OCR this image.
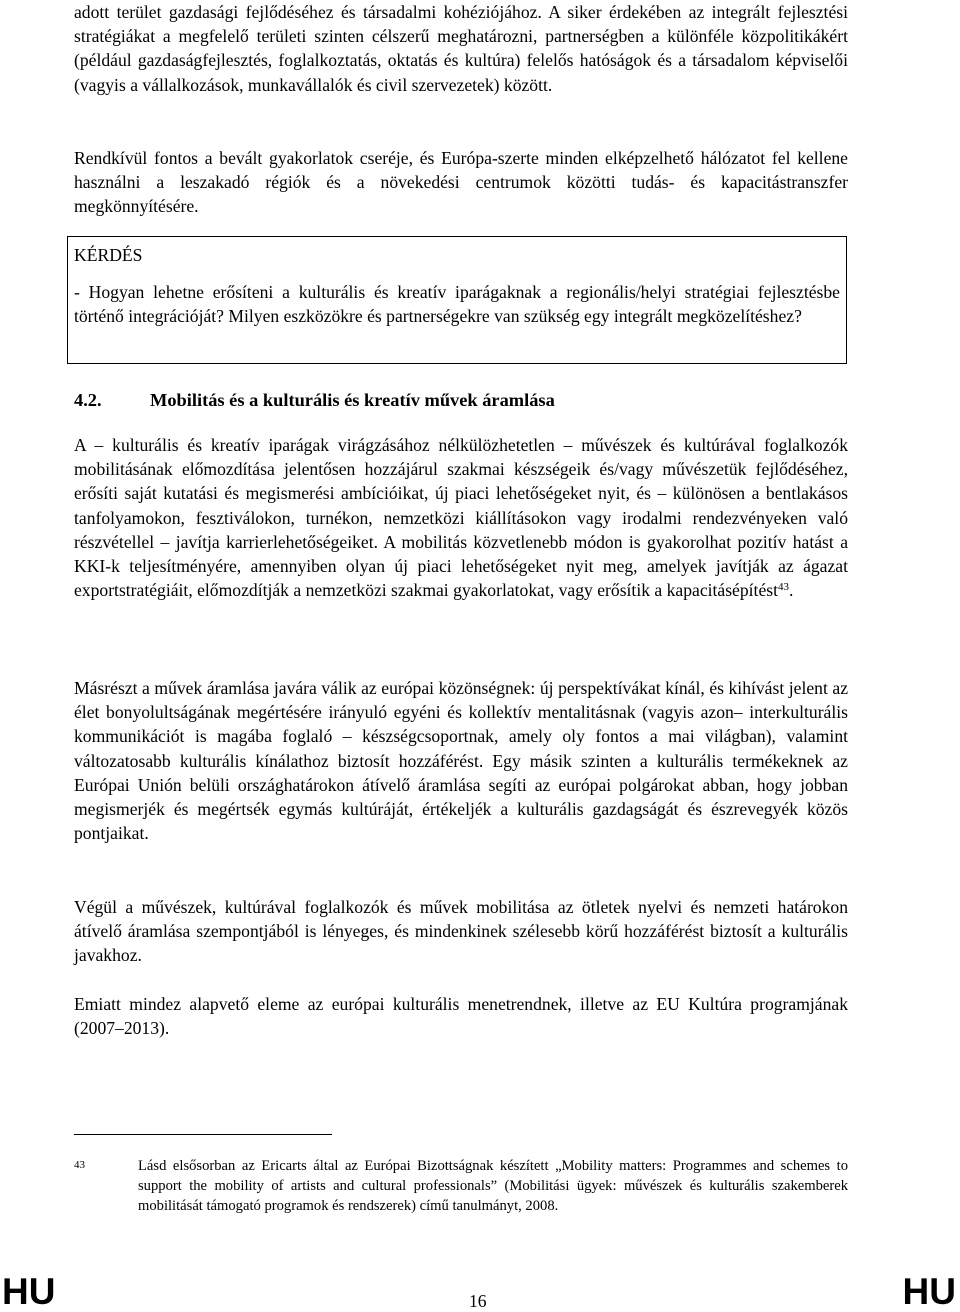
adott terület gazdasági fejlődéséhez és társadalmi kohéziójához. A siker érdekében az integrált fejlesztési stratégiákat a megfelelő területi szinten célszerű meghatározni, partnerségben a különféle közpolitikákért (például gazdaságfejlesztés, foglalkoztatás, oktatás és kultúra) felelős hatóságok és a társadalom képviselői (vagyis a vállalkozások, munkavállalók és civil szervezetek) között.

Rendkívül fontos a bevált gyakorlatok cseréje, és Európa-szerte minden elképzelhető hálózatot fel kellene használni a leszakadó régiók és a növekedési centrumok közötti tudás- és kapacitástranszfer megkönnyítésére.

KÉRDÉS

- Hogyan lehetne erősíteni a kulturális és kreatív iparágaknak a regionális/helyi stratégiai fejlesztésbe történő integrációját? Milyen eszközökre és partnerségekre van szükség egy integrált megközelítéshez?

4.2.	Mobilitás és a kulturális és kreatív művek áramlása

A – kulturális és kreatív iparágak virágzásához nélkülözhetetlen – művészek és kultúrával foglalkozók mobilitásának előmozdítása jelentősen hozzájárul szakmai készségeik és/vagy művészetük fejlődéséhez, erősíti saját kutatási és megismerési ambícióikat, új piaci lehetőségeket nyit, és – különösen a bentlakásos tanfolyamokon, fesztiválokon, turnékon, nemzetközi kiállításokon vagy irodalmi rendezvényeken való részvétellel – javítja karrierlehetőségeiket. A mobilitás közvetlenebb módon is gyakorolhat pozitív hatást a KKI-k teljesítményére, amennyiben olyan új piaci lehetőségeket nyit meg, amelyek javítják az ágazat exportstratégiáit, előmozdítják a nemzetközi szakmai gyakorlatokat, vagy erősítik a kapacitásépítést$^{43}$.

Másrészt a művek áramlása javára válik az európai közönségnek: új perspektívákat kínál, és kihívást jelent az élet bonyolultságának megértésére irányuló egyéni és kollektív mentalitásnak (vagyis azon– interkulturális kommunikációt is magába foglaló – készségcsoportnak, amely oly fontos a mai világban), valamint változatosabb kulturális kínálathoz biztosít hozzáférést. Egy másik szinten a kulturális termékeknek az Európai Unión belüli országhatárokon átívelő áramlása segíti az európai polgárokat abban, hogy jobban megismerjék és megértsék egymás kultúráját, értékeljék a kulturális gazdagságát és észrevegyék közös pontjaikat.

Végül a művészek, kultúrával foglalkozók és művek mobilitása az ötletek nyelvi és nemzeti határokon átívelő áramlása szempontjából is lényeges, és mindenkinek szélesebb körű hozzáférést biztosít a kulturális javakhoz.

Emiatt mindez alapvető eleme az európai kulturális menetrendnek, illetve az EU Kultúra programjának (2007–2013).

43	Lásd elsősorban az Ericarts által az Európai Bizottságnak készített „Mobility matters: Programmes and schemes to support the mobility of artists and cultural professionals” (Mobilitási ügyek: művészek és kulturális szakemberek mobilitását támogató programok és rendszerek) című tanulmányt, 2008.

HU	16	HU
